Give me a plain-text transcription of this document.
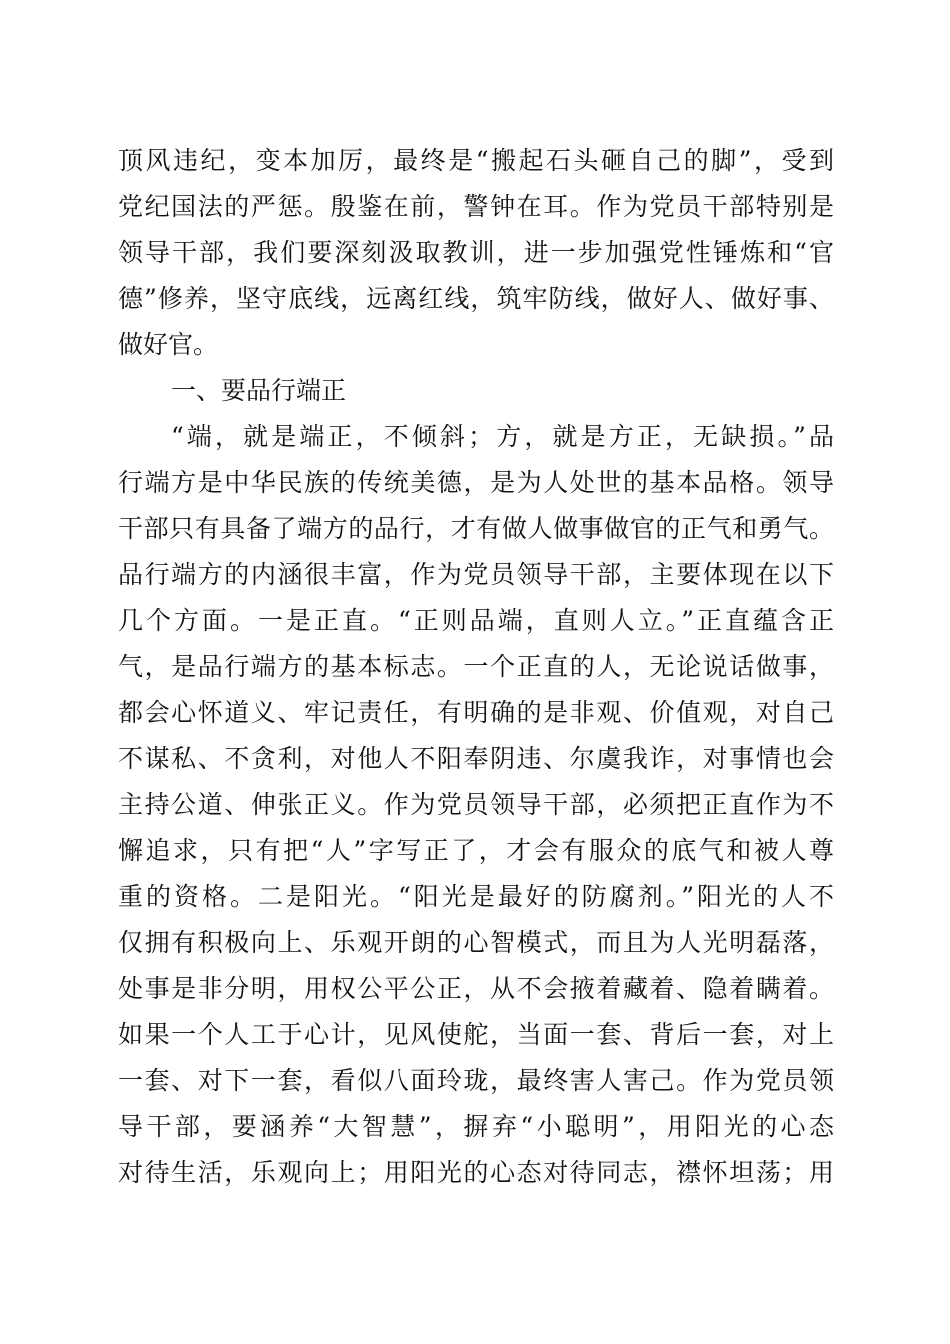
顶风违纪，变本加厉，最终是“搬起石头砸自己的脚”，受到
党纪国法的严惩。殷鉴在前，警钟在耳。作为党员干部特别是
领导干部，我们要深刻汲取教训，进一步加强党性锤炼和“官
德”修养，坚守底线，远离红线，筑牢防线，做好人、做好事、
做好官。
一、要品行端正
“端，就是端正，不倾斜；方，就是方正，无缺损。”品
行端方是中华民族的传统美德，是为人处世的基本品格。领导
干部只有具备了端方的品行，才有做人做事做官的正气和勇气。
品行端方的内涵很丰富，作为党员领导干部，主要体现在以下
几个方面。一是正直。“正则品端，直则人立。”正直蕴含正
气，是品行端方的基本标志。一个正直的人，无论说话做事，
都会心怀道义、牢记责任，有明确的是非观、价值观，对自己
不谋私、不贪利，对他人不阳奉阴违、尔虞我诈，对事情也会
主持公道、伸张正义。作为党员领导干部，必须把正直作为不
懈追求，只有把“人”字写正了，才会有服众的底气和被人尊
重的资格。二是阳光。“阳光是最好的防腐剂。”阳光的人不
仅拥有积极向上、乐观开朗的心智模式，而且为人光明磊落，
处事是非分明，用权公平公正，从不会掖着藏着、隐着瞒着。
如果一个人工于心计，见风使舵，当面一套、背后一套，对上
一套、对下一套，看似八面玲珑，最终害人害己。作为党员领
导干部，要涵养“大智慧”，摒弃“小聪明”，用阳光的心态
对待生活，乐观向上；用阳光的心态对待同志，襟怀坦荡；用
